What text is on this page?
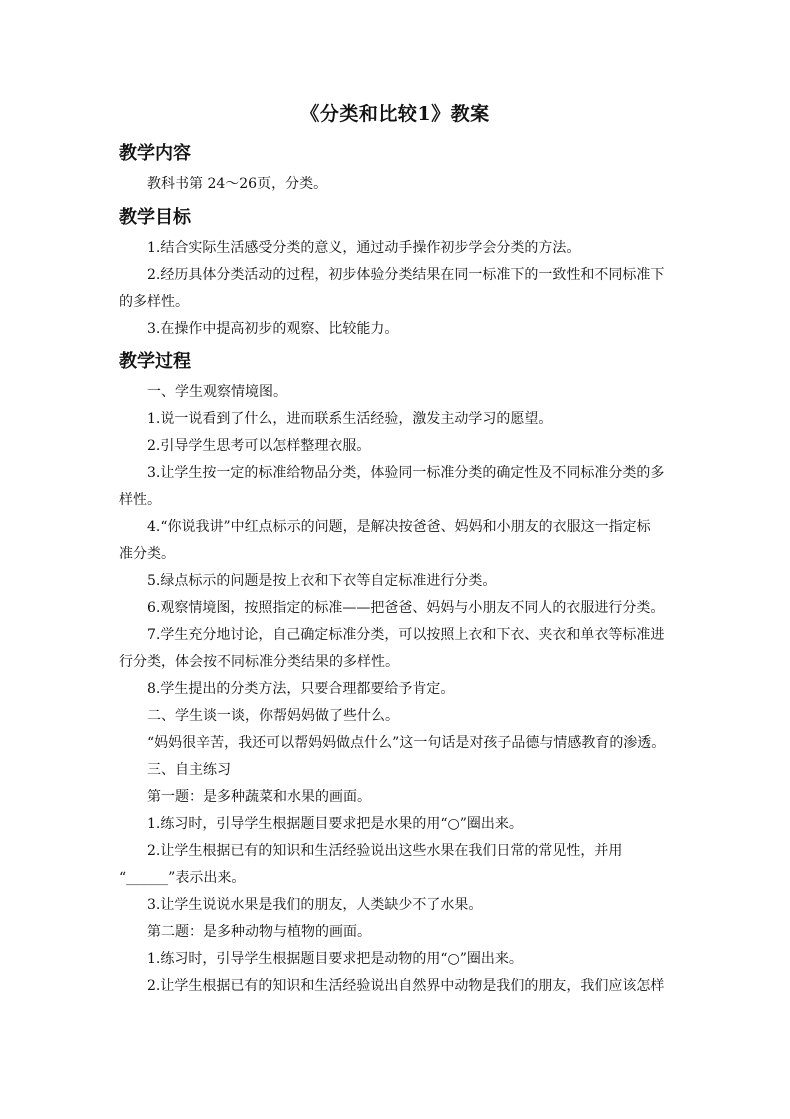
《分类和比较1》教案
教学内容
教科书第 24～26页，分类。
教学目标
1.结合实际生活感受分类的意义，通过动手操作初步学会分类的方法。
2.经历具体分类活动的过程，初步体验分类结果在同一标准下的一致性和不同标准下
的多样性。
3.在操作中提高初步的观察、比较能力。
教学过程
一、学生观察情境图。
1.说一说看到了什么，进而联系生活经验，激发主动学习的愿望。
2.引导学生思考可以怎样整理衣服。
3.让学生按一定的标准给物品分类，体验同一标准分类的确定性及不同标准分类的多
样性。
4.“你说我讲”中红点标示的问题，是解决按爸爸、妈妈和小朋友的衣服这一指定标
准分类。
5.绿点标示的问题是按上衣和下衣等自定标准进行分类。
6.观察情境图，按照指定的标准——把爸爸、妈妈与小朋友不同人的衣服进行分类。
7.学生充分地讨论，自己确定标准分类，可以按照上衣和下衣、夹衣和单衣等标准进
行分类，体会按不同标准分类结果的多样性。
8.学生提出的分类方法，只要合理都要给予肯定。
二、学生谈一谈，你帮妈妈做了些什么。
“妈妈很辛苦，我还可以帮妈妈做点什么”这一句话是对孩子品德与情感教育的渗透。
三、自主练习
第一题：是多种蔬菜和水果的画面。
1.练习时，引导学生根据题目要求把是水果的用“○”圈出来。
2.让学生根据已有的知识和生活经验说出这些水果在我们日常的常见性，并用
“______”表示出来。
3.让学生说说水果是我们的朋友，人类缺少不了水果。
第二题：是多种动物与植物的画面。
1.练习时，引导学生根据题目要求把是动物的用“○”圈出来。
2.让学生根据已有的知识和生活经验说出自然界中动物是我们的朋友，我们应该怎样
